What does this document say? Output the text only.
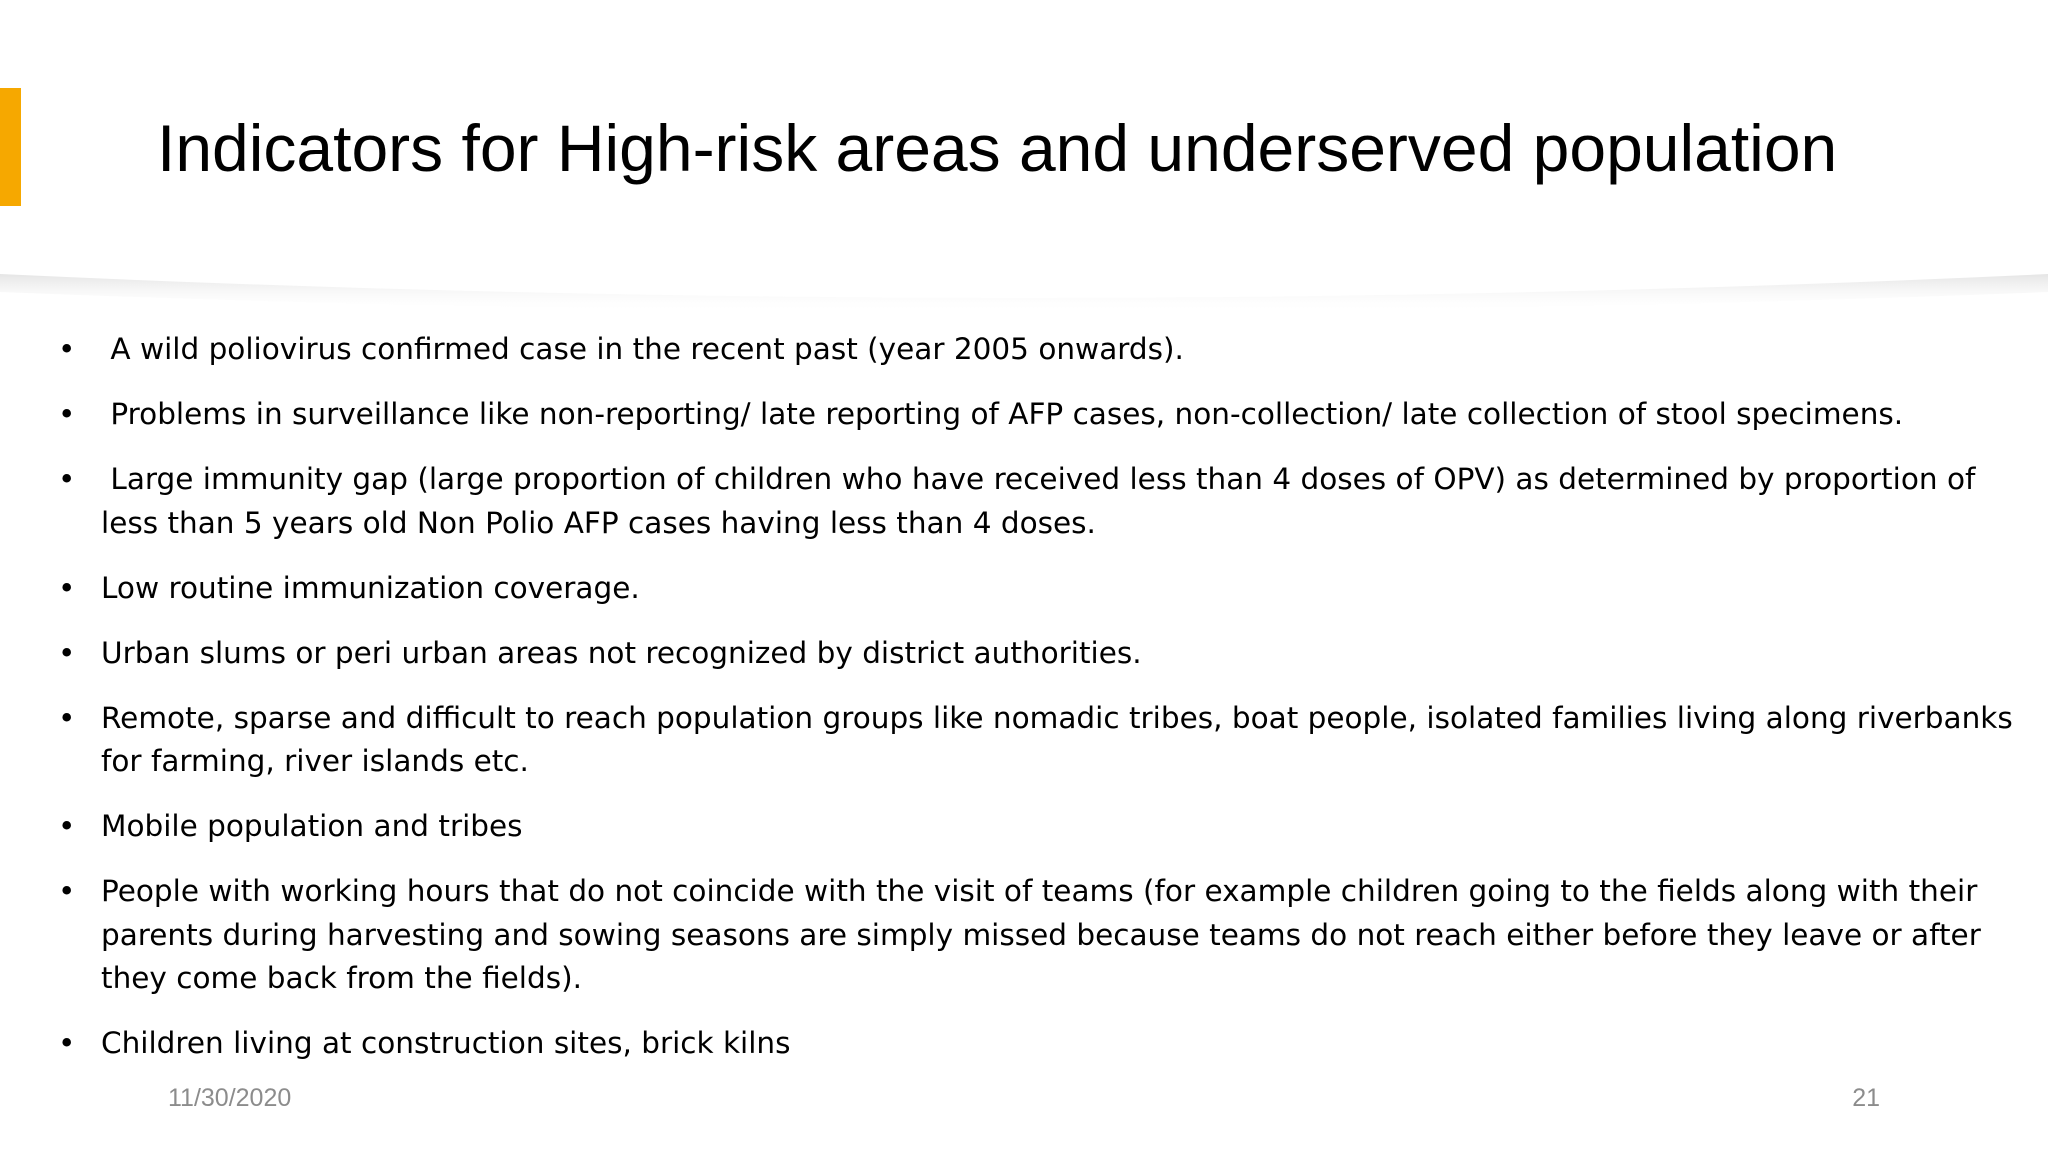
Indicators for High-risk areas and underserved population
• A wild poliovirus confirmed case in the recent past (year 2005 onwards).
• Problems in surveillance like non-reporting/ late reporting of AFP cases, non-collection/ late collection of stool specimens.
• Large immunity gap (large proportion of children who have received less than 4 doses of OPV) as determined by proportion of less than 5 years old Non Polio AFP cases having less than 4 doses.
• Low routine immunization coverage.
• Urban slums or peri urban areas not recognized by district authorities.
• Remote, sparse and difficult to reach population groups like nomadic tribes, boat people, isolated families living along riverbanks for farming, river islands etc.
• Mobile population and tribes
• People with working hours that do not coincide with the visit of teams (for example children going to the fields along with their parents during harvesting and sowing seasons are simply missed because teams do not reach either before they leave or after they come back from the fields).
• Children living at construction sites, brick kilns
11/30/2020	21
